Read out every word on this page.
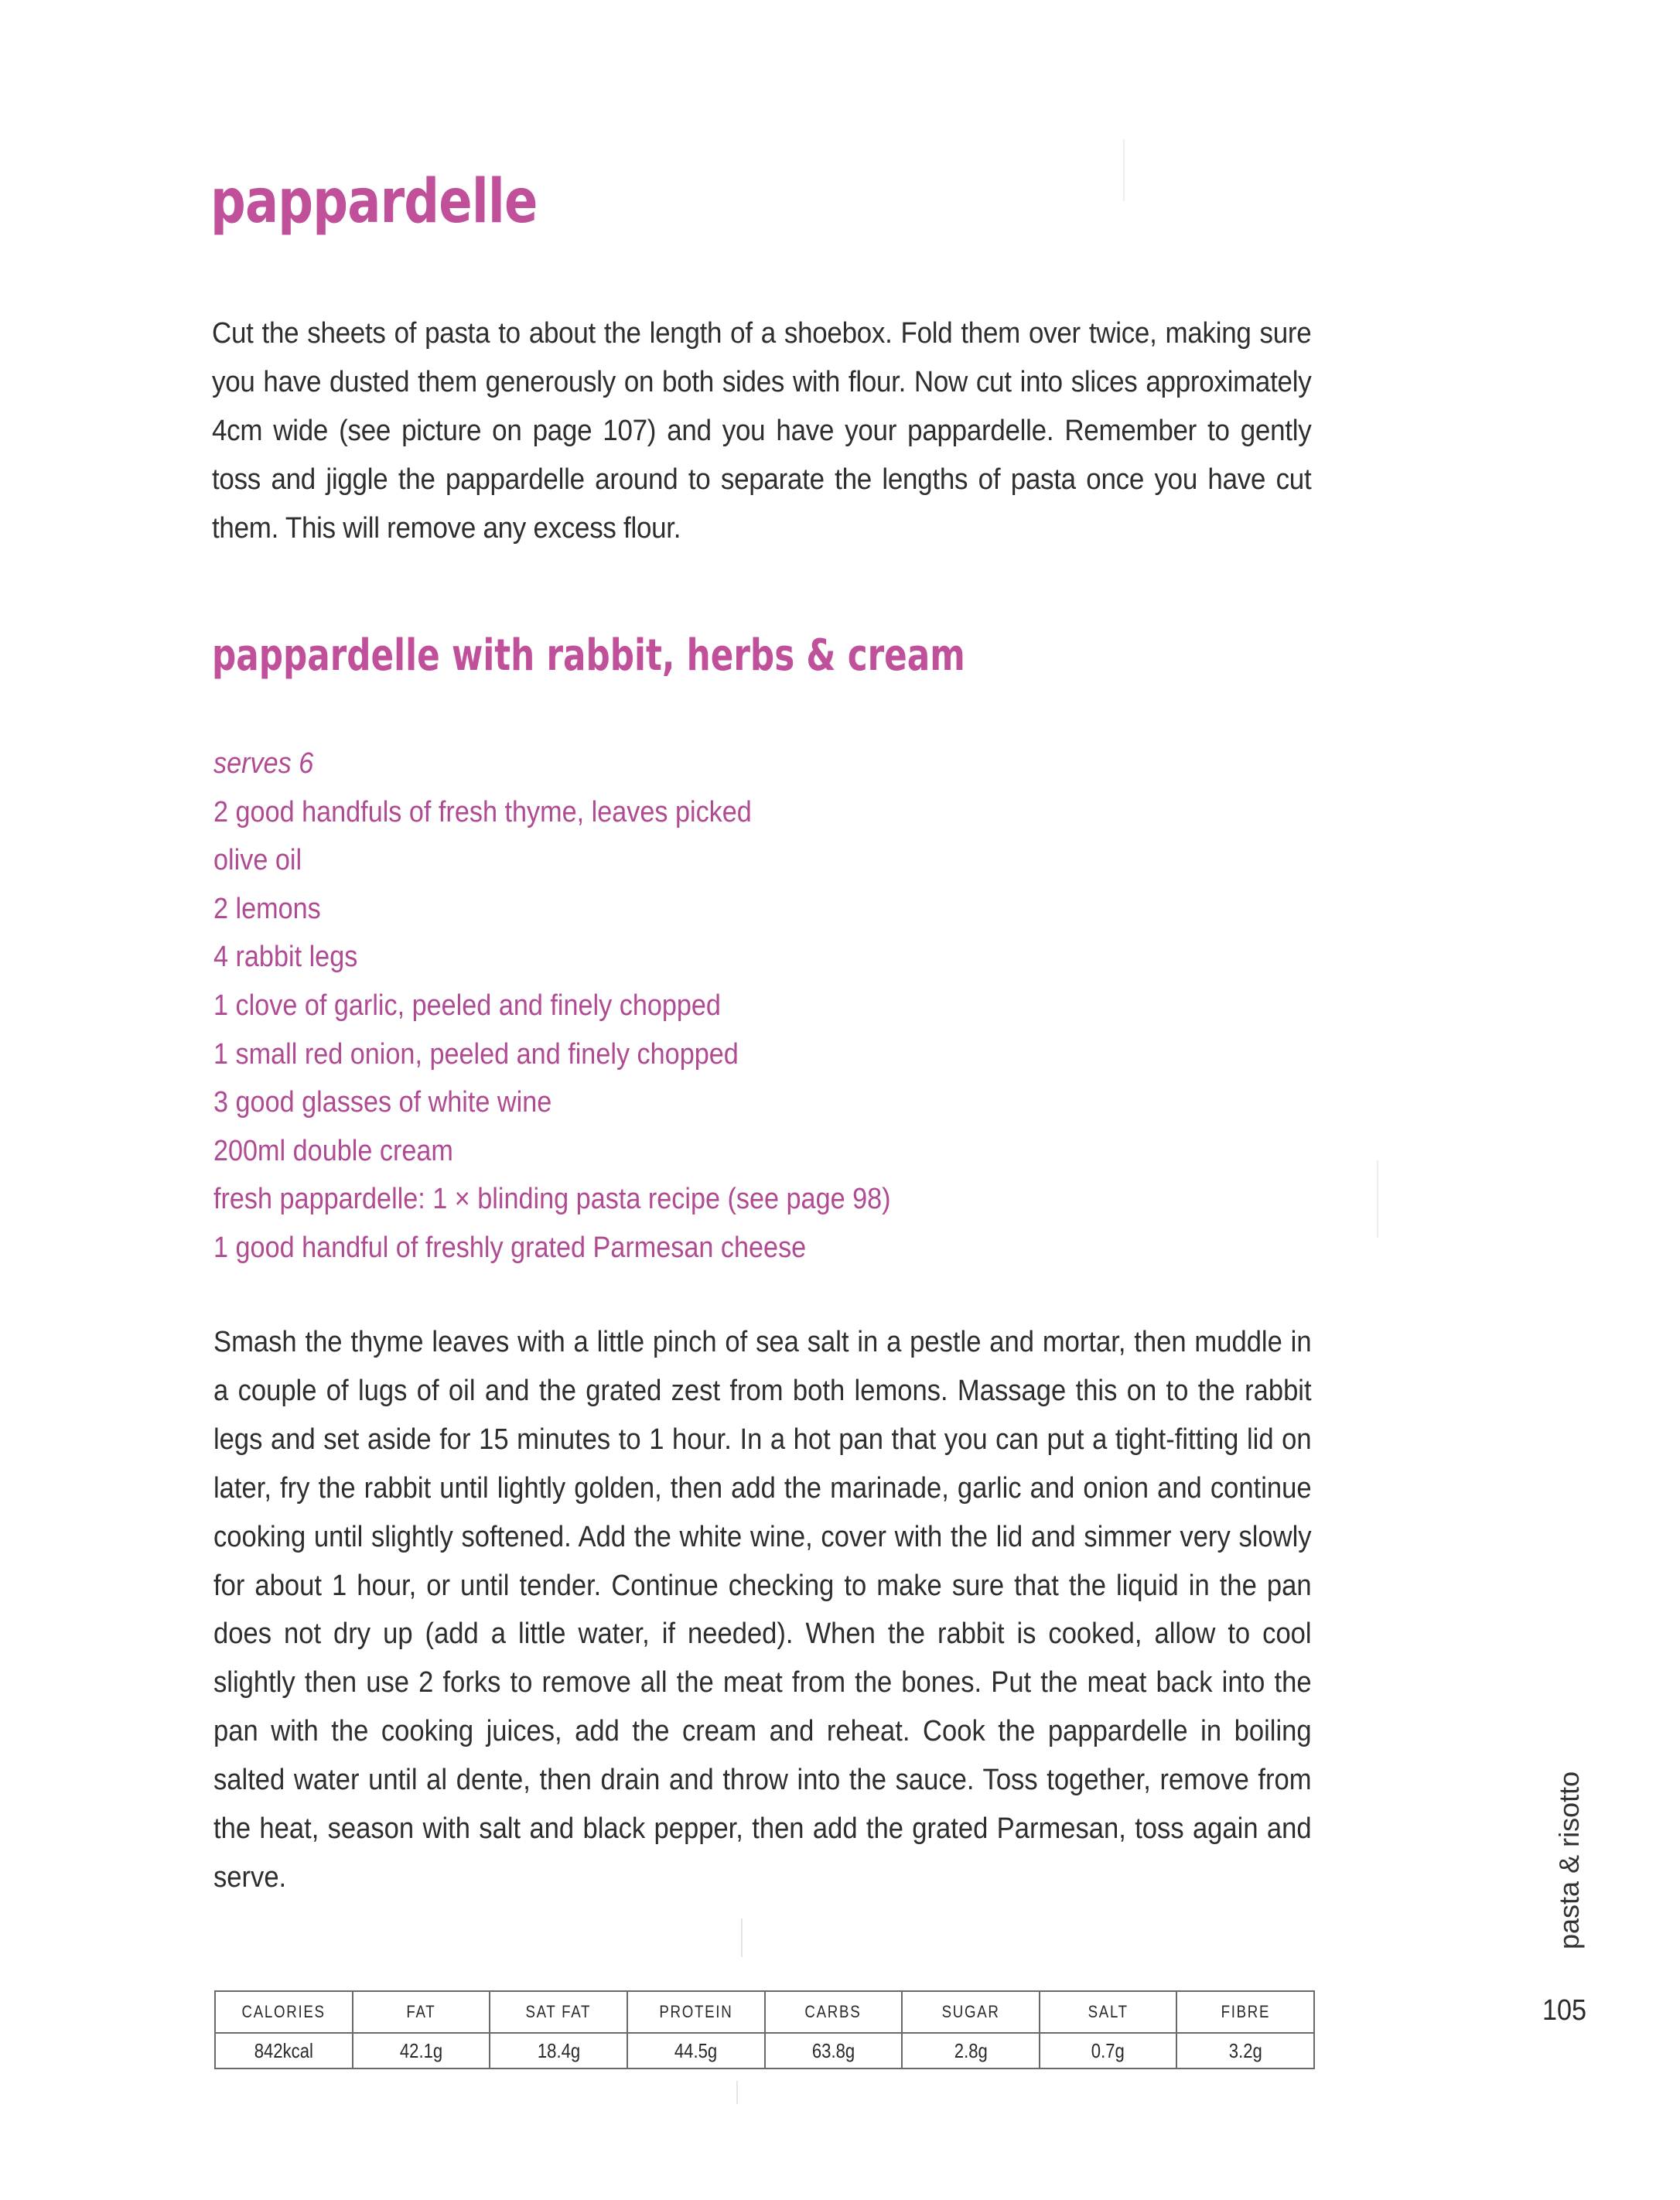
pappardelle

Cut the sheets of pasta to about the length of a shoebox. Fold them over twice, making sure you have dusted them generously on both sides with flour. Now cut into slices approximately 4cm wide (see picture on page 107) and you have your pappardelle. Remember to gently toss and jiggle the pappardelle around to separate the lengths of pasta once you have cut them. This will remove any excess flour.

pappardelle with rabbit, herbs & cream
serves 6
2 good handfuls of fresh thyme, leaves picked
olive oil
2 lemons
4 rabbit legs
1 clove of garlic, peeled and finely chopped
1 small red onion, peeled and finely chopped
3 good glasses of white wine
200ml double cream
fresh pappardelle: 1 × blinding pasta recipe (see page 98)
1 good handful of freshly grated Parmesan cheese

Smash the thyme leaves with a little pinch of sea salt in a pestle and mortar, then muddle in a couple of lugs of oil and the grated zest from both lemons. Massage this on to the rabbit legs and set aside for 15 minutes to 1 hour. In a hot pan that you can put a tight-fitting lid on later, fry the rabbit until lightly golden, then add the marinade, garlic and onion and continue cooking until slightly softened. Add the white wine, cover with the lid and simmer very slowly for about 1 hour, or until tender. Continue checking to make sure that the liquid in the pan does not dry up (add a little water, if needed). When the rabbit is cooked, allow to cool slightly then use 2 forks to remove all the meat from the bones. Put the meat back into the pan with the cooking juices, add the cream and reheat. Cook the pappardelle in boiling salted water until al dente, then drain and throw into the sauce. Toss together, remove from the heat, season with salt and black pepper, then add the grated Parmesan, toss again and serve.

CALORIES	FAT	SAT FAT	PROTEIN	CARBS	SUGAR	SALT	FIBRE
842kcal	42.1g	18.4g	44.5g	63.8g	2.8g	0.7g	3.2g
pasta & risotto
105
